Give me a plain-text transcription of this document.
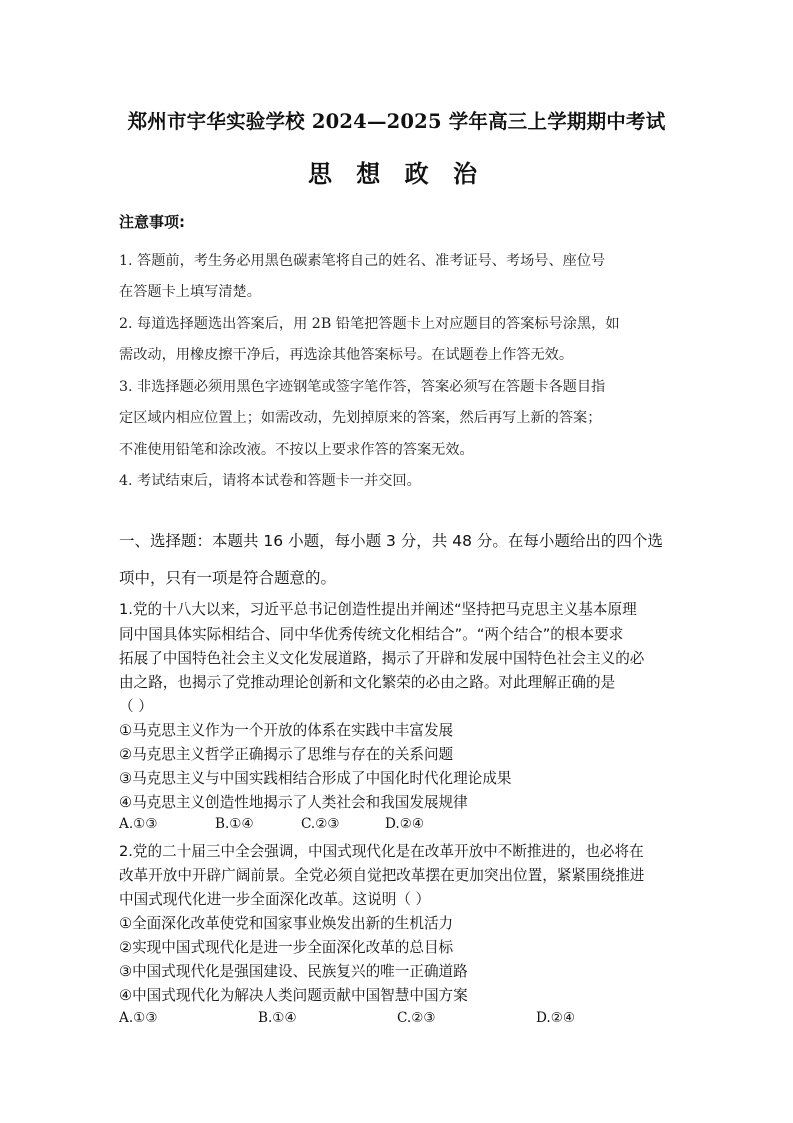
郑州市宇华实验学校 2024—2025 学年高三上学期期中考试
思 想 政 治
注意事项:
1. 答题前，考生务必用黑色碳素笔将自己的姓名、准考证号、考场号、座位号
在答题卡上填写清楚。
2. 每道选择题选出答案后，用 2B 铅笔把答题卡上对应题目的答案标号涂黑，如
需改动，用橡皮擦干净后，再选涂其他答案标号。在试题卷上作答无效。
3. 非选择题必须用黑色字迹钢笔或签字笔作答，答案必须写在答题卡各题目指
定区域内相应位置上；如需改动，先划掉原来的答案，然后再写上新的答案；
不准使用铅笔和涂改液。不按以上要求作答的答案无效。
4. 考试结束后，请将本试卷和答题卡一并交回。
一、选择题：本题共 16 小题，每小题 3 分，共 48 分。在每小题给出的四个选
项中，只有一项是符合题意的。
1.党的十八大以来，习近平总书记创造性提出并阐述“坚持把马克思主义基本原理
同中国具体实际相结合、同中华优秀传统文化相结合”。“两个结合”的根本要求
拓展了中国特色社会主义文化发展道路，揭示了开辟和发展中国特色社会主义的必
由之路，也揭示了党推动理论创新和文化繁荣的必由之路。对此理解正确的是
（ ）
①马克思主义作为一个开放的体系在实践中丰富发展
②马克思主义哲学正确揭示了思维与存在的关系问题
③马克思主义与中国实践相结合形成了中国化时代化理论成果
④马克思主义创造性地揭示了人类社会和我国发展规律
A.①③	B.①④	C.②③	D.②④
2.党的二十届三中全会强调，中国式现代化是在改革开放中不断推进的，也必将在
改革开放中开辟广阔前景。全党必须自觉把改革摆在更加突出位置，紧紧围绕推进
中国式现代化进一步全面深化改革。这说明（ ）
①全面深化改革使党和国家事业焕发出新的生机活力
②实现中国式现代化是进一步全面深化改革的总目标
③中国式现代化是强国建设、民族复兴的唯一正确道路
④中国式现代化为解决人类问题贡献中国智慧中国方案
A.①③	B.①④	C.②③	D.②④
